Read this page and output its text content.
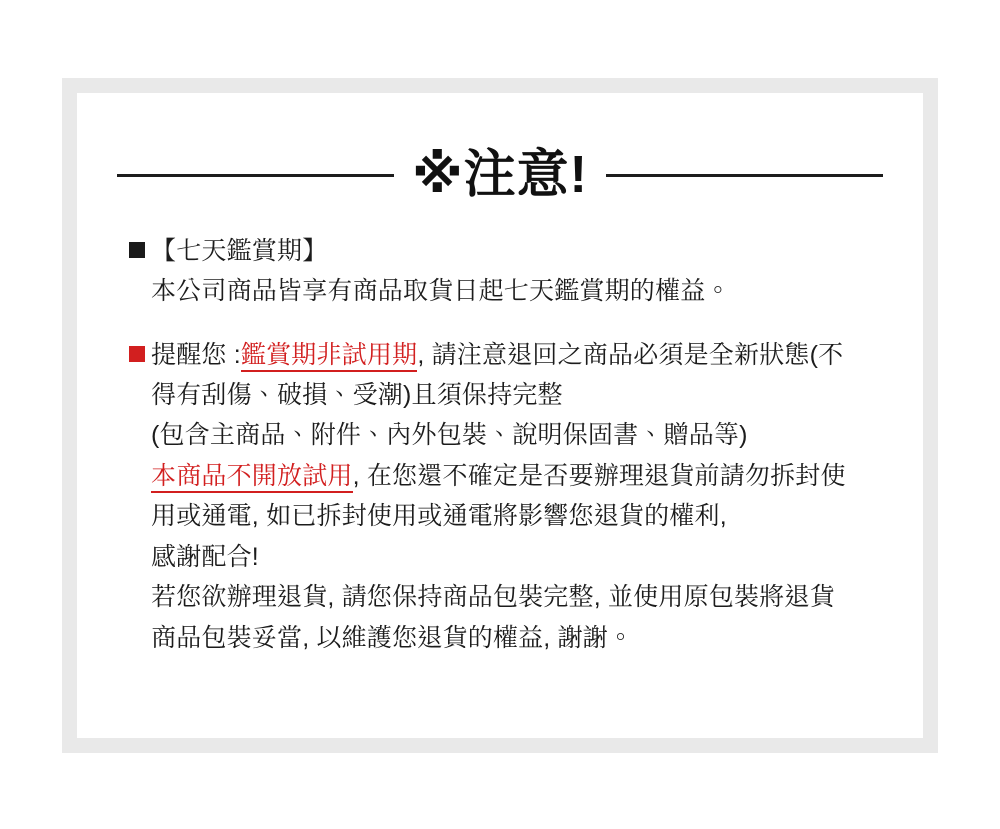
※注意!
【七天鑑賞期】
本公司商品皆享有商品取貨日起七天鑑賞期的權益。
提醒您 :鑑賞期非試用期, 請注意退回之商品必須是全新狀態(不
得有刮傷、破損、受潮)且須保持完整
(包含主商品、附件、內外包裝、說明保固書、贈品等)
本商品不開放試用, 在您還不確定是否要辦理退貨前請勿拆封使
用或通電, 如已拆封使用或通電將影響您退貨的權利,
感謝配合!
若您欲辦理退貨, 請您保持商品包裝完整, 並使用原包裝將退貨
商品包裝妥當, 以維護您退貨的權益, 謝謝。
